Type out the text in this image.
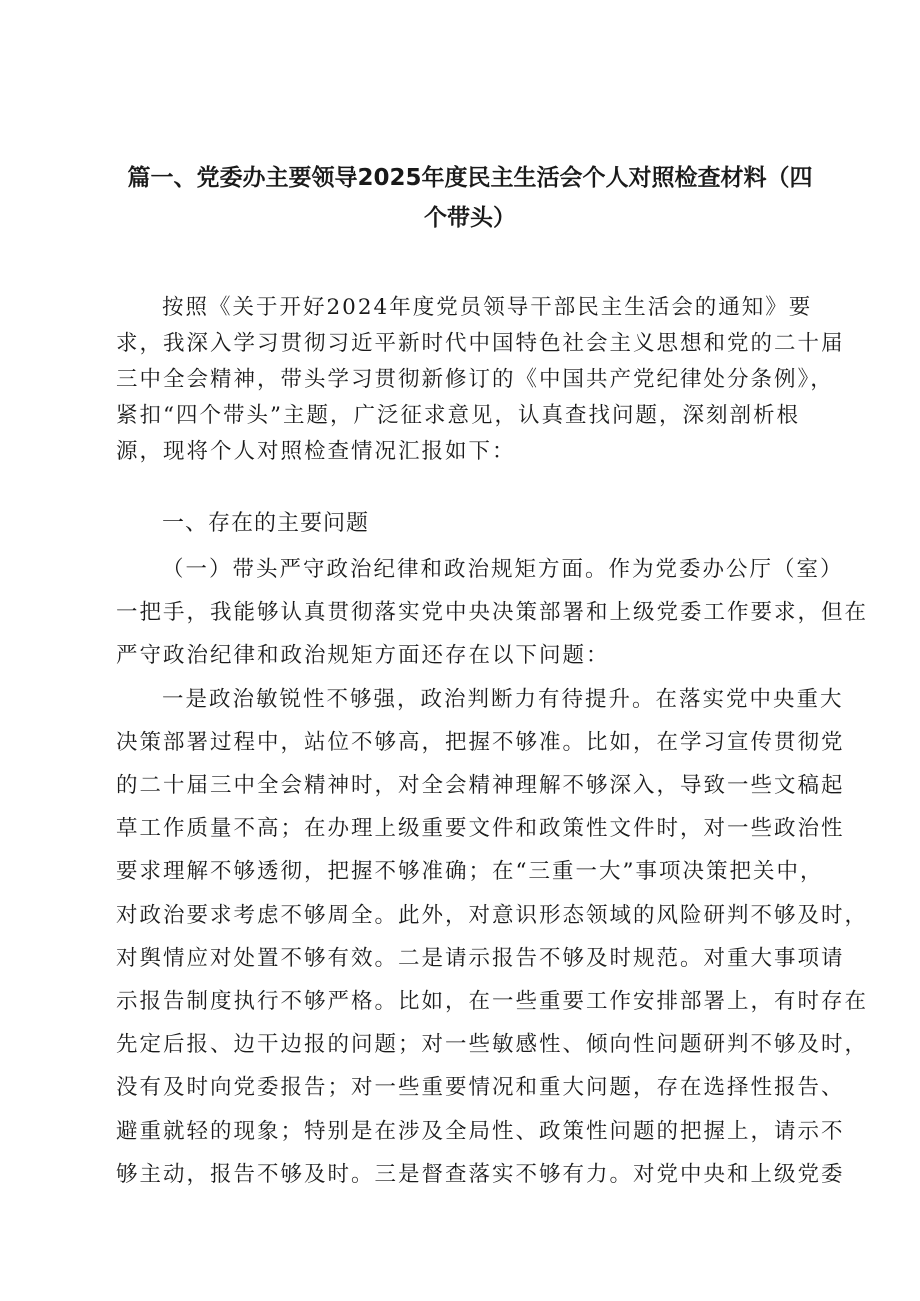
篇一、党委办主要领导2025年度民主生活会个人对照检查材料（四
个带头）
按照《关于开好2024年度党员领导干部民主生活会的通知》要
求，我深入学习贯彻习近平新时代中国特色社会主义思想和党的二十届
三中全会精神，带头学习贯彻新修订的《中国共产党纪律处分条例》，
紧扣“四个带头”主题，广泛征求意见，认真查找问题，深刻剖析根
源，现将个人对照检查情况汇报如下：
一、存在的主要问题
（一）带头严守政治纪律和政治规矩方面。作为党委办公厅（室）
一把手，我能够认真贯彻落实党中央决策部署和上级党委工作要求，但在
严守政治纪律和政治规矩方面还存在以下问题：
一是政治敏锐性不够强，政治判断力有待提升。在落实党中央重大
决策部署过程中，站位不够高，把握不够准。比如，在学习宣传贯彻党
的二十届三中全会精神时，对全会精神理解不够深入，导致一些文稿起
草工作质量不高；在办理上级重要文件和政策性文件时，对一些政治性
要求理解不够透彻，把握不够准确；在“三重一大”事项决策把关中，
对政治要求考虑不够周全。此外，对意识形态领域的风险研判不够及时，
对舆情应对处置不够有效。二是请示报告不够及时规范。对重大事项请
示报告制度执行不够严格。比如，在一些重要工作安排部署上，有时存在
先定后报、边干边报的问题；对一些敏感性、倾向性问题研判不够及时，
没有及时向党委报告；对一些重要情况和重大问题，存在选择性报告、
避重就轻的现象；特别是在涉及全局性、政策性问题的把握上，请示不
够主动，报告不够及时。三是督查落实不够有力。对党中央和上级党委
